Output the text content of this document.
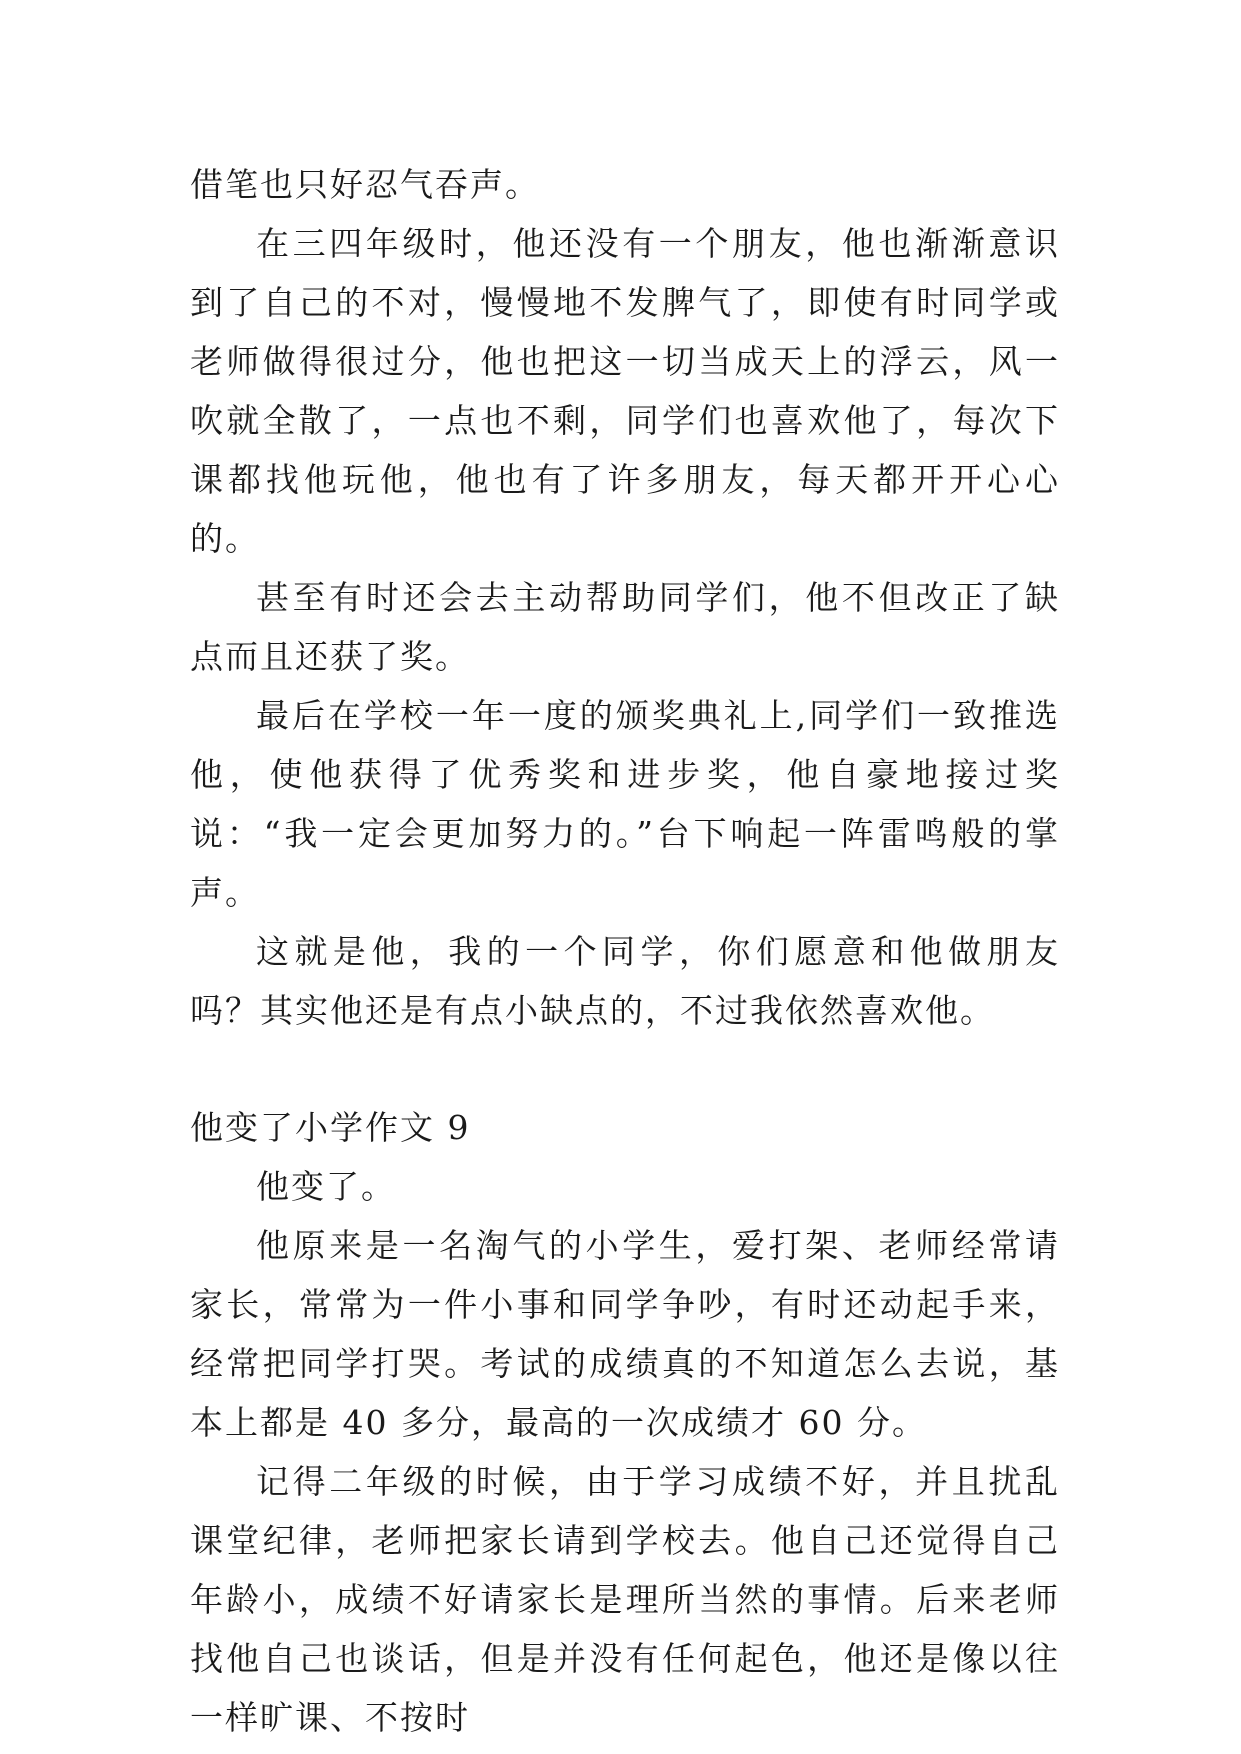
借笔也只好忍气吞声。

在三四年级时，他还没有一个朋友，他也渐渐意识到了自己的不对，慢慢地不发脾气了，即使有时同学或老师做得很过分，他也把这一切当成天上的浮云，风一吹就全散了，一点也不剩，同学们也喜欢他了，每次下课都找他玩他，他也有了许多朋友，每天都开开心心的。

甚至有时还会去主动帮助同学们，他不但改正了缺点而且还获了奖。

最后在学校一年一度的颁奖典礼上,同学们一致推选他，使他获得了优秀奖和进步奖，他自豪地接过奖说：“我一定会更加努力的。”台下响起一阵雷鸣般的掌声。

这就是他，我的一个同学，你们愿意和他做朋友吗？其实他还是有点小缺点的，不过我依然喜欢他。

他变了小学作文 9

他变了。

他原来是一名淘气的小学生，爱打架、老师经常请家长，常常为一件小事和同学争吵，有时还动起手来，经常把同学打哭。考试的成绩真的不知道怎么去说，基本上都是 40 多分，最高的一次成绩才 60 分。

记得二年级的时候，由于学习成绩不好，并且扰乱课堂纪律，老师把家长请到学校去。他自己还觉得自己年龄小，成绩不好请家长是理所当然的事情。后来老师找他自己也谈话，但是并没有任何起色，他还是像以往一样旷课、不按时
